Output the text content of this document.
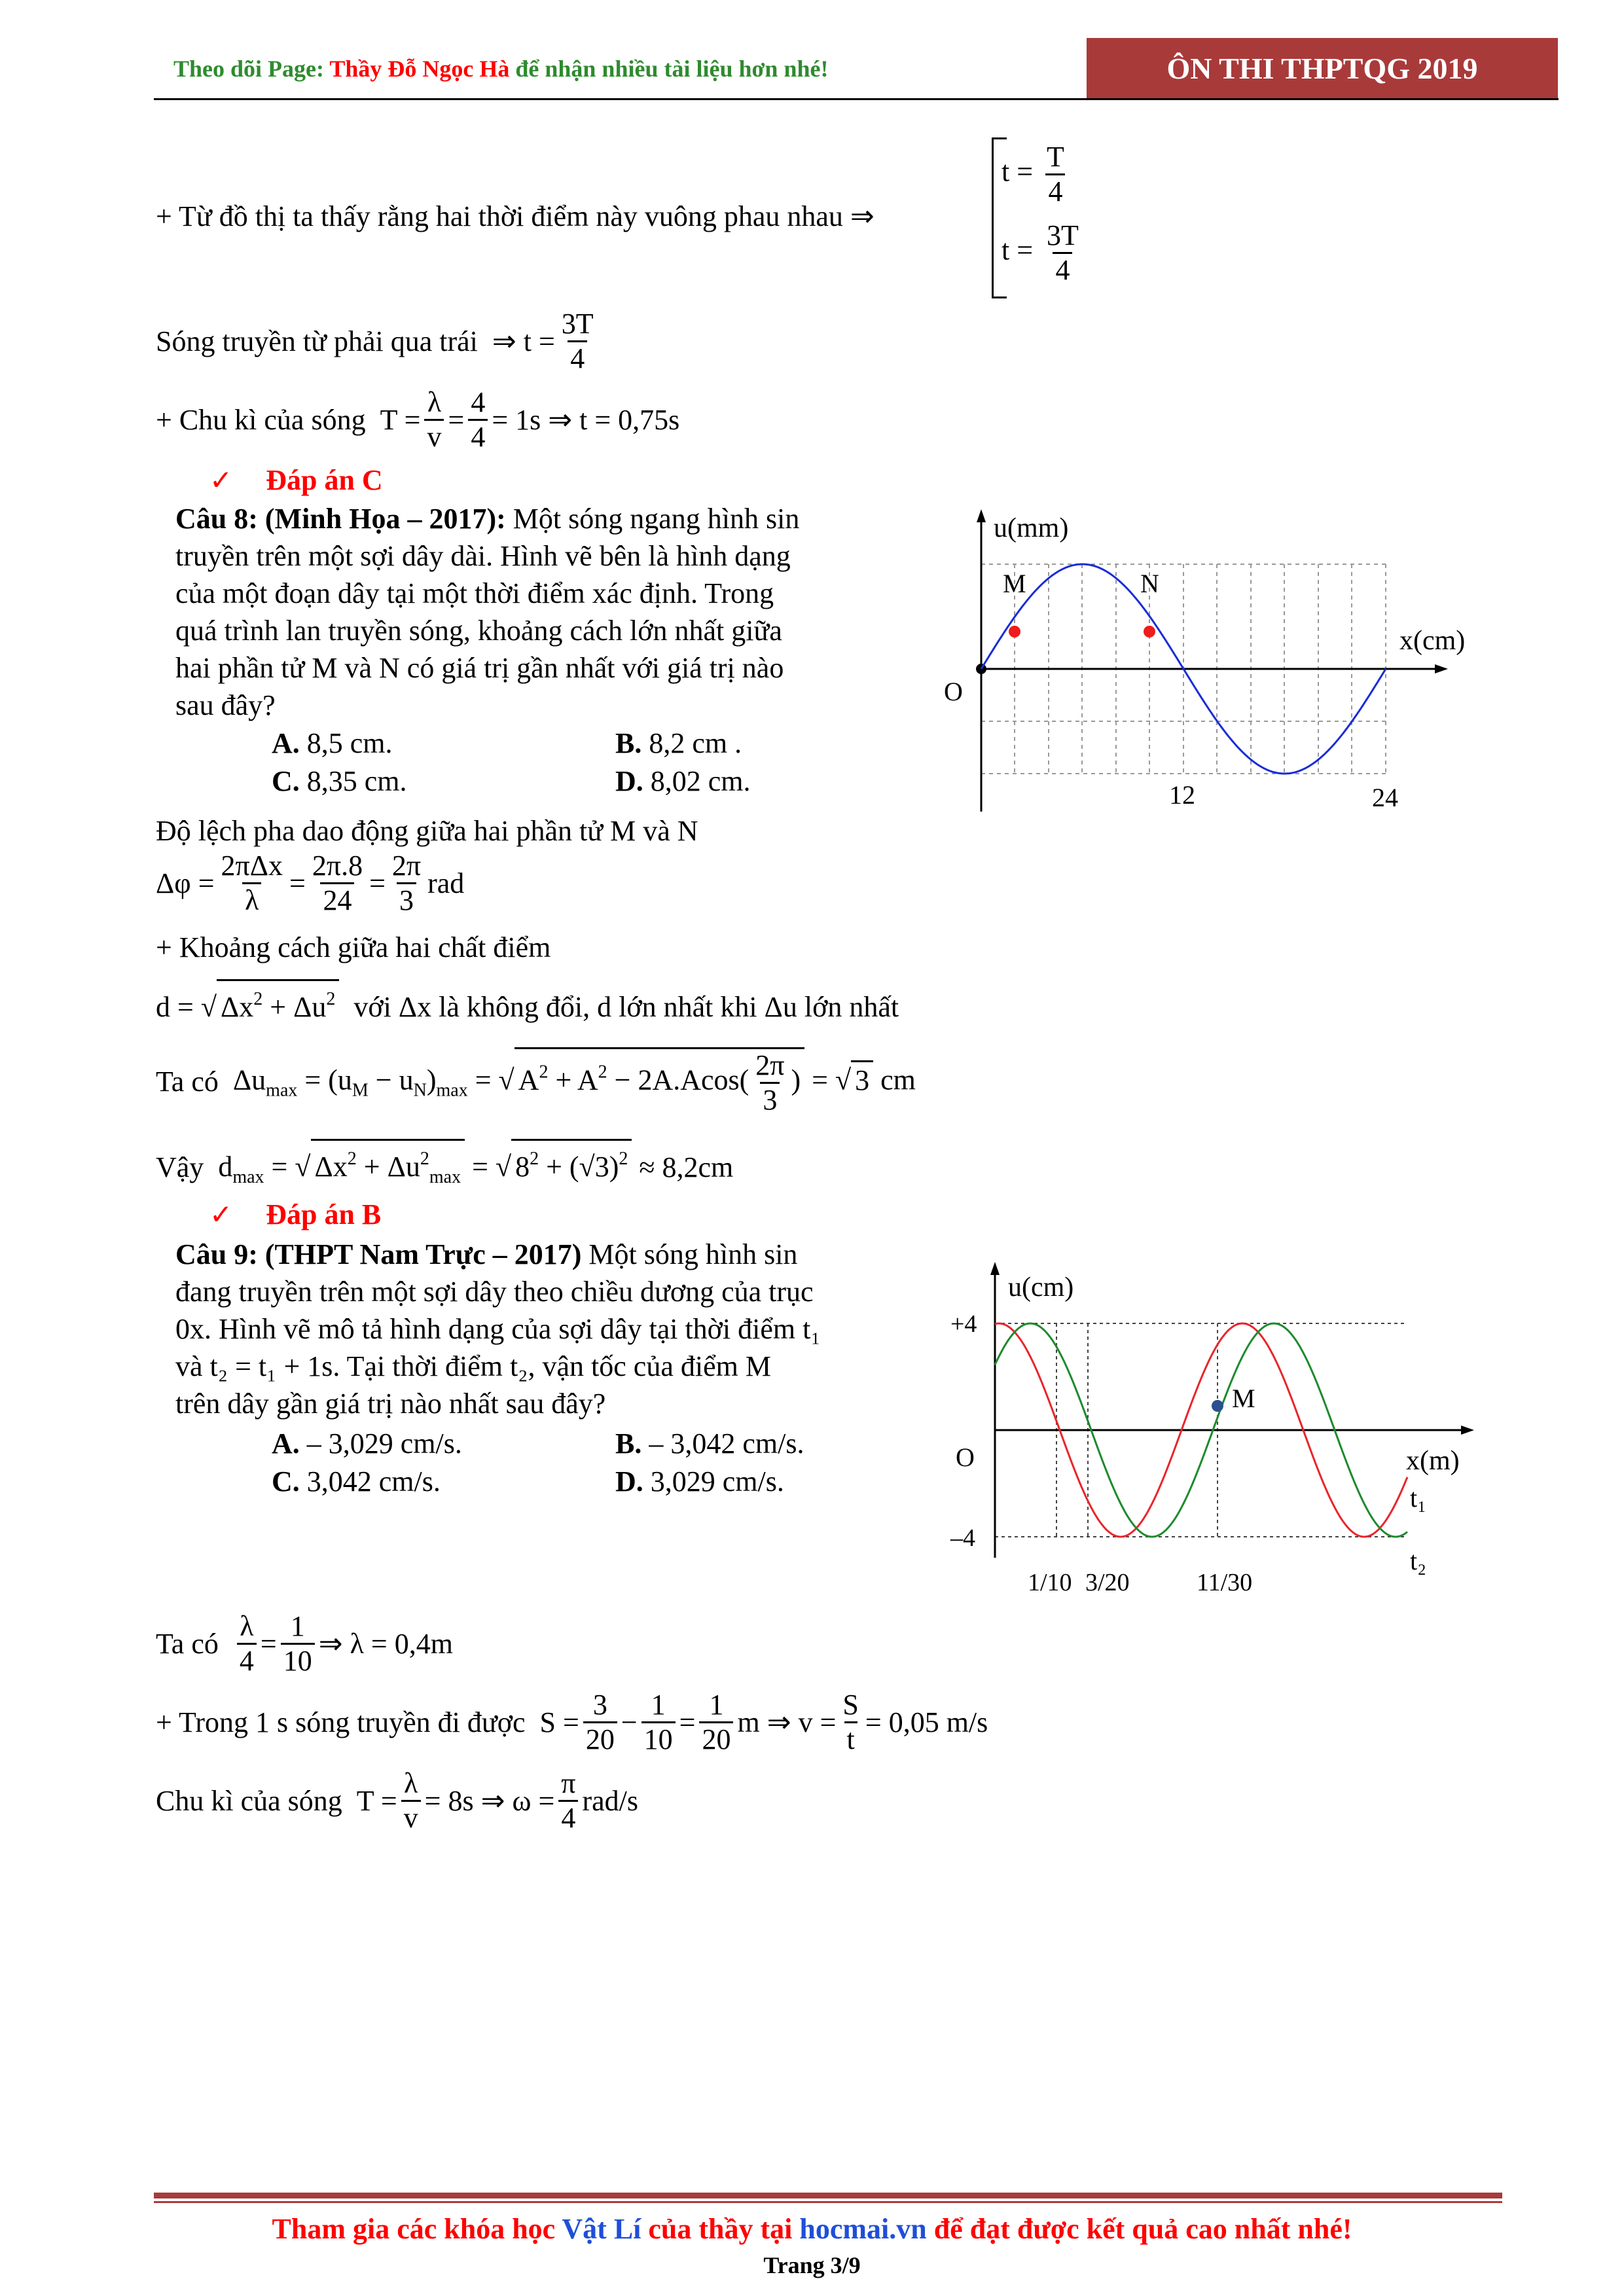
Theo dõi Page: Thầy Đỗ Ngọc Hà để nhận nhiều tài liệu hơn nhé!	ÔN THI THPTQG 2019
+ Từ đồ thị ta thấy rằng hai thời điểm này vuông phau nhau ⇒
$t = \frac{T}{4}$
$t = \frac{3T}{4}$
Sóng truyền từ phải qua trái
⇒ $t = \frac{3T}{4}$
+ Chu kì của sóng
$T = \frac{\lambda}{v} = \frac{4}{4} = 1s$ ⇒ t = 0,75s
✓ Đáp án C
Câu 8: (Minh Họa – 2017): Một sóng ngang hình sin
truyền trên một sợi dây dài. Hình vẽ bên là hình dạng
của một đoạn dây tại một thời điểm xác định. Trong
quá trình lan truyền sóng, khoảng cách lớn nhất giữa
hai phần tử M và N có giá trị gần nhất với giá trị nào
sau đây?
A. 8,5 cm.	B. 8,2 cm .
C. 8,35 cm.	D. 8,02 cm.
u(mm)
x(cm)
O
M	N
12	24
Độ lệch pha dao động giữa hai phần tử M và N
$\Delta\varphi = \frac{\text{2πΔx}}{\lambda} = \frac{2\pi.8}{24} = \frac{2\pi}{3}$ rad
+ Khoảng cách giữa hai chất điểm
d = √ $\Delta x^2 + \Delta u^2$ với Δx là không đổi, d lớn nhất khi Δu lớn nhất
Ta có
$\Delta u_{max} = (u_M - u_N)_{max}$ = √ $A^2 + A^2 - 2A.Acos( \frac{2\pi}{3}$ ) = √ 3 cm
Vậy
$d_{max}$ = √ $\Delta x^2 + \Delta u^2_{max}$ = √ $8^2 + (√3)^2 \approx 8,2cm$
✓ Đáp án B
Câu 9: (THPT Nam Trực – 2017) Một sóng hình sin
đang truyền trên một sợi dây theo chiều dương của trục
0x. Hình vẽ mô tả hình dạng của sợi dây tại thời điểm t₁
và t₂ = t₁ + 1s. Tại thời điểm t₂, vận tốc của điểm M
trên dây gần giá trị nào nhất sau đây?
A. – 3,029 cm/s.	B. – 3,042 cm/s.
C. 3,042 cm/s.	D. 3,029 cm/s.
u(cm)
x(m)
O
+4
–4
M
t₁
t₂
1/10 3/20	11/30
Ta có
$\frac{\lambda}{4} = \frac{1}{10}$ ⇒ λ = 0,4m
+ Trong 1 s sóng truyền đi được
$S = \frac{3}{20} - \frac{1}{10} = \frac{1}{20}$ m ⇒ $v = \frac{S}{t} = 0,05$ m/s
Chu kì của sóng
$T = \frac{\lambda}{v} = 8s$ ⇒ $\omega = \frac{\pi}{4} rad/s$
Tham gia các khóa học Vật Lí của thầy tại hocmai.vn để đạt được kết quả cao nhất nhé!
Trang 3/9
